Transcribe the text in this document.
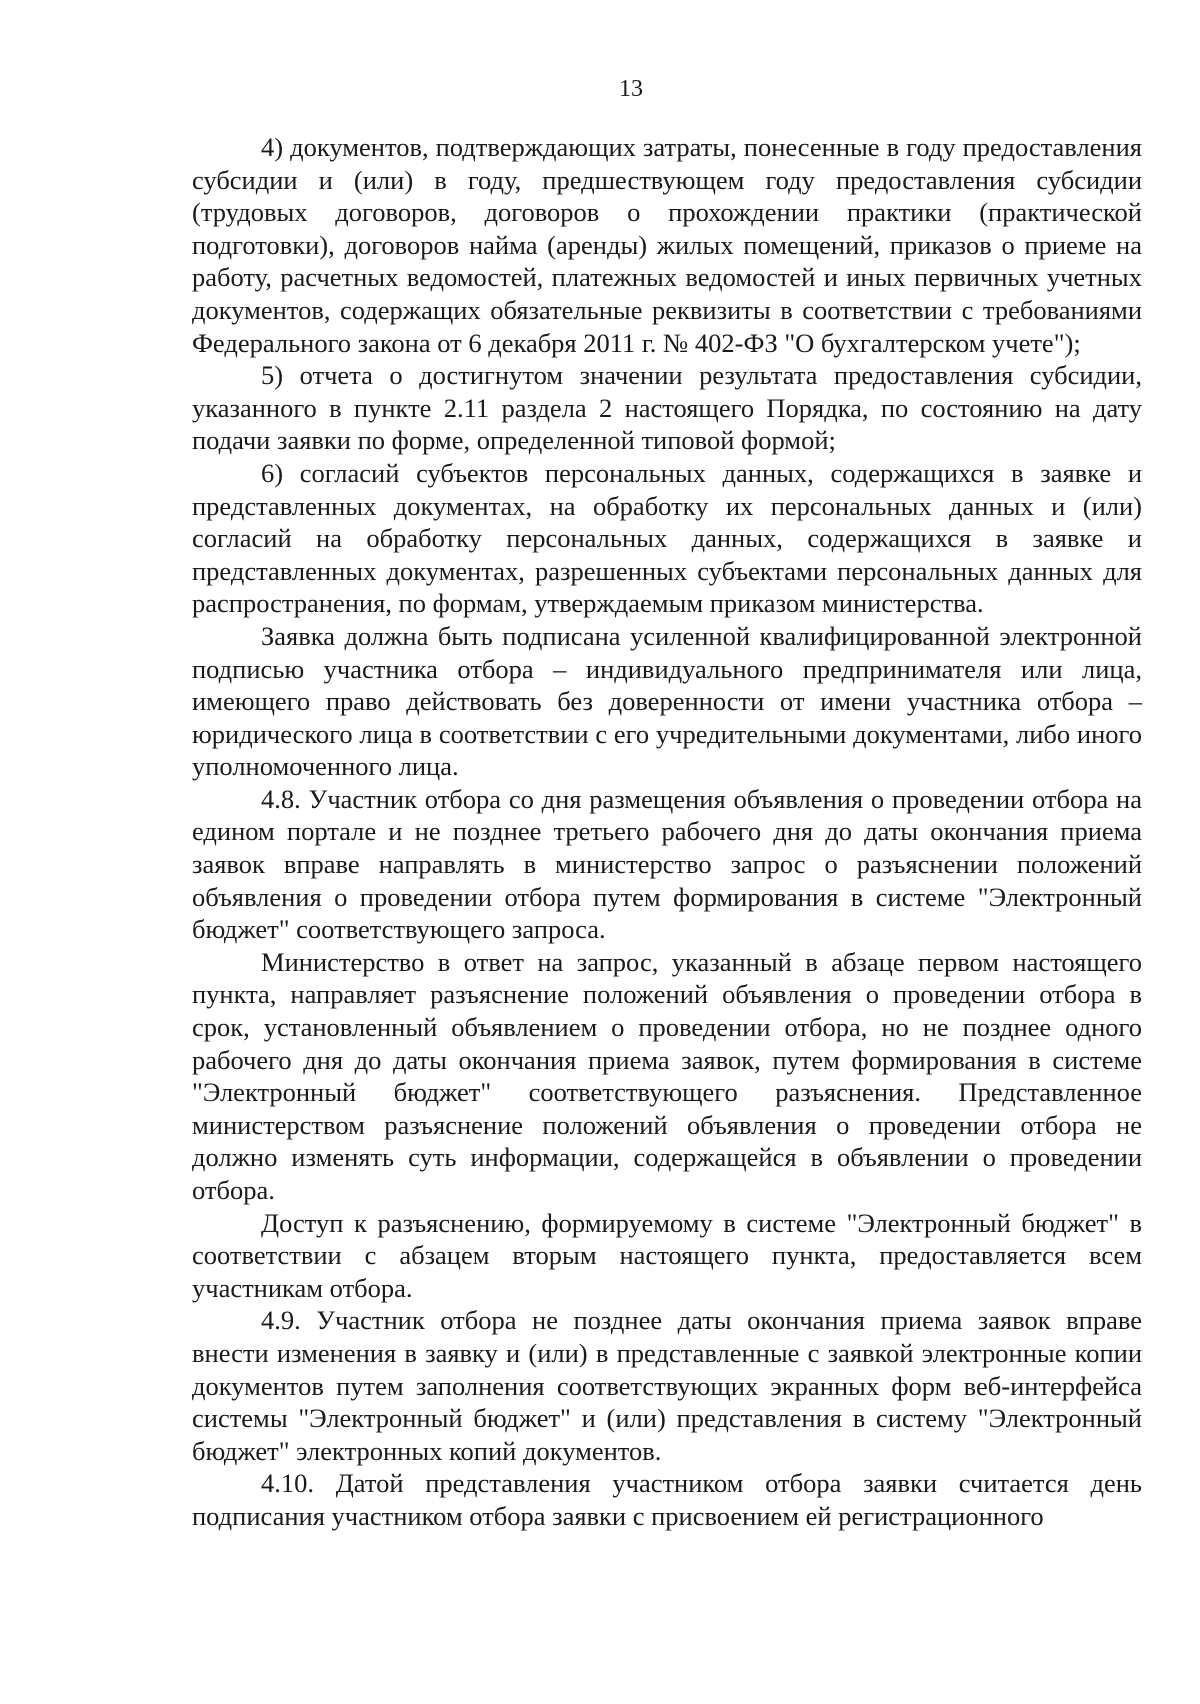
13

4) документов, подтверждающих затраты, понесенные в году предоставления субсидии и (или) в году, предшествующем году предоставления субсидии (трудовых договоров, договоров о прохождении практики (практической подготовки), договоров найма (аренды) жилых помещений, приказов о приеме на работу, расчетных ведомостей, платежных ведомостей и иных первичных учетных документов, содержащих обязательные реквизиты в соответствии с требованиями Федерального закона от 6 декабря 2011 г. № 402-ФЗ "О бухгалтерском учете");

5) отчета о достигнутом значении результата предоставления субсидии, указанного в пункте 2.11 раздела 2 настоящего Порядка, по состоянию на дату подачи заявки по форме, определенной типовой формой;

6) согласий субъектов персональных данных, содержащихся в заявке и представленных документах, на обработку их персональных данных и (или) согласий на обработку персональных данных, содержащихся в заявке и представленных документах, разрешенных субъектами персональных данных для распространения, по формам, утверждаемым приказом министерства.

Заявка должна быть подписана усиленной квалифицированной электронной подписью участника отбора – индивидуального предпринимателя или лица, имеющего право действовать без доверенности от имени участника отбора – юридического лица в соответствии с его учредительными документами, либо иного уполномоченного лица.

4.8. Участник отбора со дня размещения объявления о проведении отбора на едином портале и не позднее третьего рабочего дня до даты окончания приема заявок вправе направлять в министерство запрос о разъяснении положений объявления о проведении отбора путем формирования в системе "Электронный бюджет" соответствующего запроса.

Министерство в ответ на запрос, указанный в абзаце первом настоящего пункта, направляет разъяснение положений объявления о проведении отбора в срок, установленный объявлением о проведении отбора, но не позднее одного рабочего дня до даты окончания приема заявок, путем формирования в системе "Электронный бюджет" соответствующего разъяснения. Представленное министерством разъяснение положений объявления о проведении отбора не должно изменять суть информации, содержащейся в объявлении о проведении отбора.

Доступ к разъяснению, формируемому в системе "Электронный бюджет" в соответствии с абзацем вторым настоящего пункта, предоставляется всем участникам отбора.

4.9. Участник отбора не позднее даты окончания приема заявок вправе внести изменения в заявку и (или) в представленные с заявкой электронные копии документов путем заполнения соответствующих экранных форм веб-интерфейса системы "Электронный бюджет" и (или) представления в систему "Электронный бюджет" электронных копий документов.

4.10. Датой представления участником отбора заявки считается день подписания участником отбора заявки с присвоением ей регистрационного
